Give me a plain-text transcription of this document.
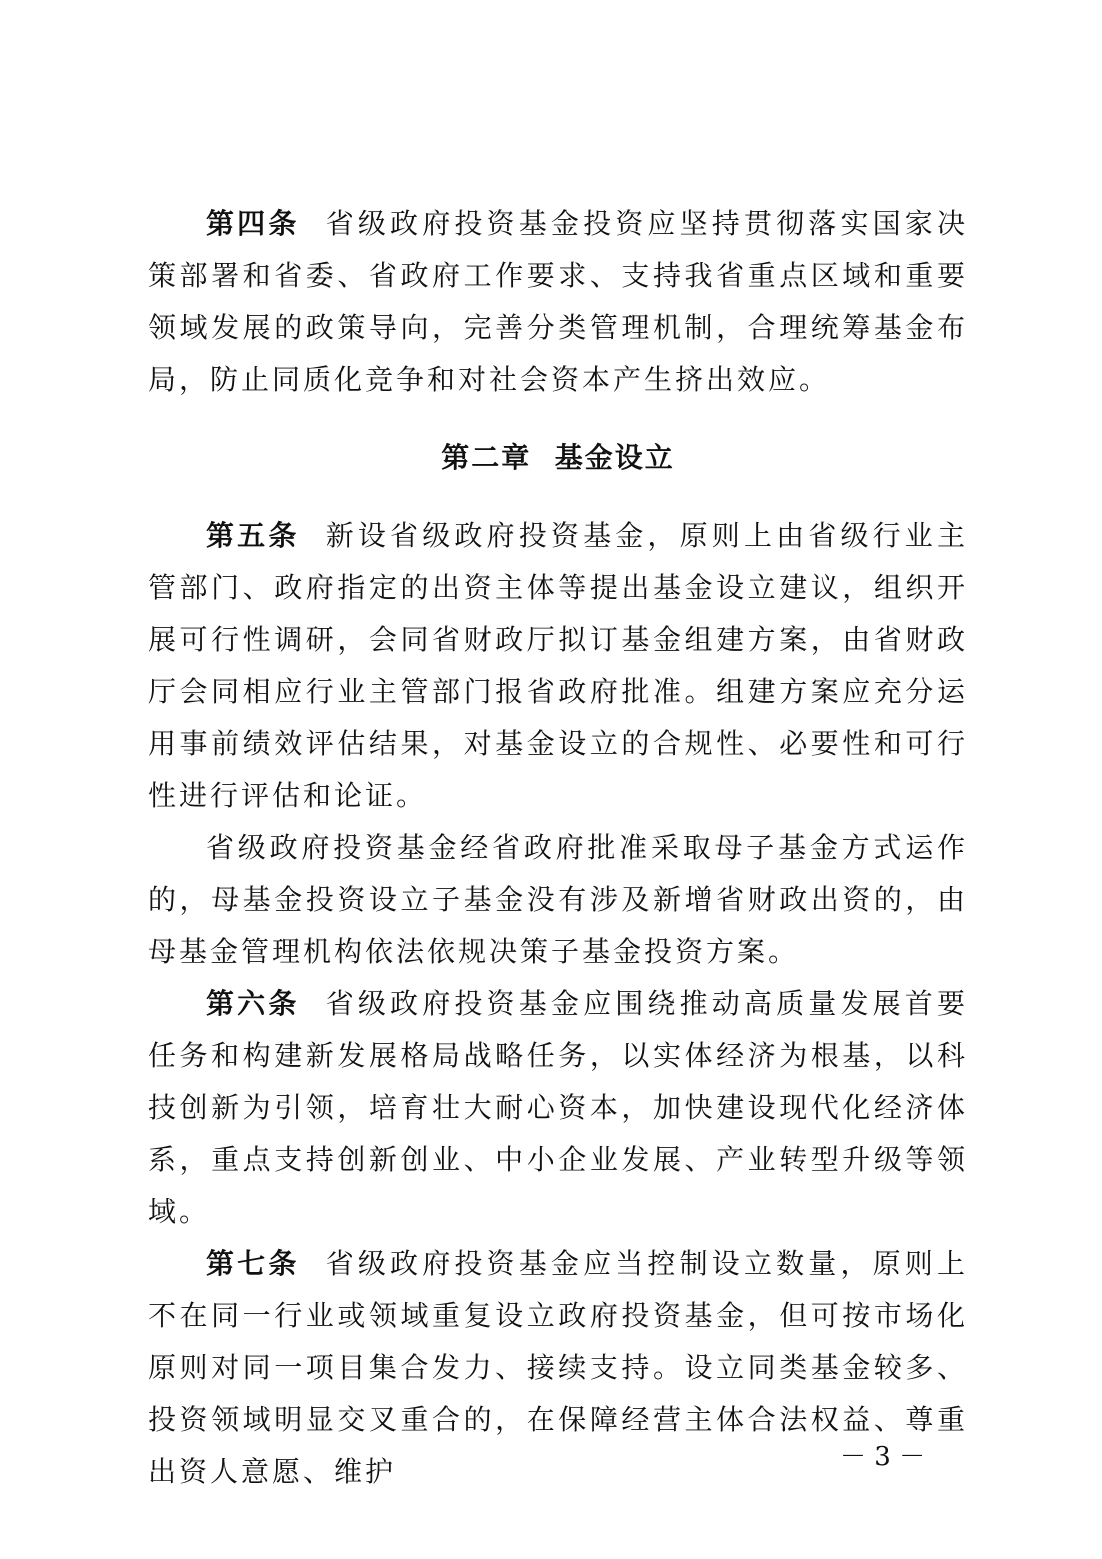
第四条 省级政府投资基金投资应坚持贯彻落实国家决策部署和省委、省政府工作要求、支持我省重点区域和重要领域发展的政策导向，完善分类管理机制，合理统筹基金布局，防止同质化竞争和对社会资本产生挤出效应。

第二章  基金设立

第五条 新设省级政府投资基金，原则上由省级行业主管部门、政府指定的出资主体等提出基金设立建议，组织开展可行性调研，会同省财政厅拟订基金组建方案，由省财政厅会同相应行业主管部门报省政府批准。组建方案应充分运用事前绩效评估结果，对基金设立的合规性、必要性和可行性进行评估和论证。

省级政府投资基金经省政府批准采取母子基金方式运作的，母基金投资设立子基金没有涉及新增省财政出资的，由母基金管理机构依法依规决策子基金投资方案。

第六条 省级政府投资基金应围绕推动高质量发展首要任务和构建新发展格局战略任务，以实体经济为根基，以科技创新为引领，培育壮大耐心资本，加快建设现代化经济体系，重点支持创新创业、中小企业发展、产业转型升级等领域。

第七条 省级政府投资基金应当控制设立数量，原则上不在同一行业或领域重复设立政府投资基金，但可按市场化原则对同一项目集合发力、接续支持。设立同类基金较多、投资领域明显交叉重合的，在保障经营主体合法权益、尊重出资人意愿、维护	－ 3 －
